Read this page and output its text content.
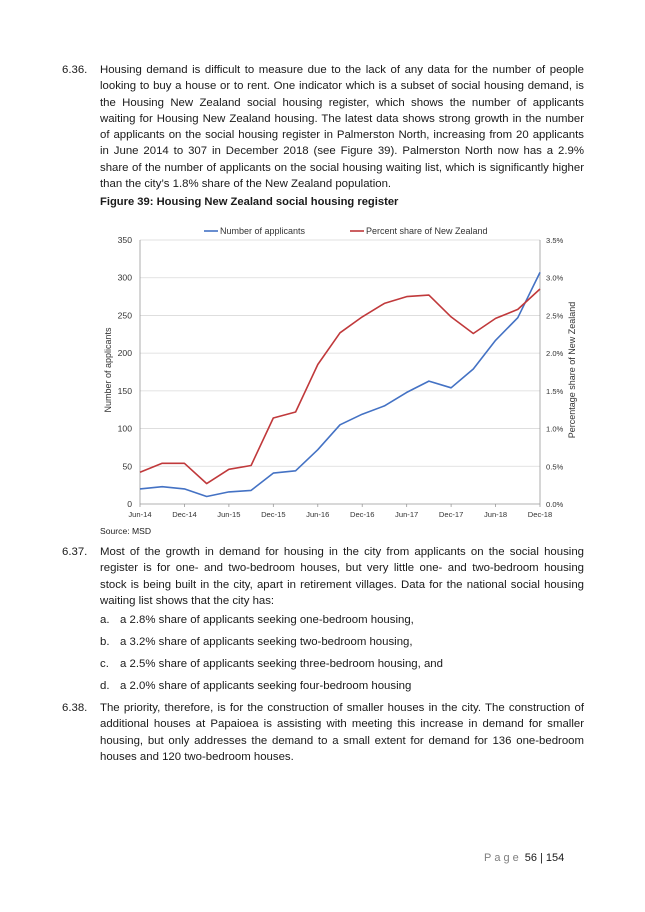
6.36. Housing demand is difficult to measure due to the lack of any data for the number of people looking to buy a house or to rent. One indicator which is a subset of social housing demand, is the Housing New Zealand social housing register, which shows the number of applicants waiting for Housing New Zealand housing. The latest data shows strong growth in the number of applicants on the social housing register in Palmerston North, increasing from 20 applicants in June 2014 to 307 in December 2018 (see Figure 39). Palmerston North now has a 2.9% share of the number of applicants on the social housing waiting list, which is significantly higher than the city’s 1.8% share of the New Zealand population.
Figure 39: Housing New Zealand social housing register
0
50
100
150
200
250
300
350
0.0%
0.5%
1.0%
1.5%
2.0%
2.5%
3.0%
3.5%
Jun-14	Dec-14	Jun-15	Dec-15	Jun-16	Dec-16	Jun-17	Dec-17	Jun-18	Dec-18
Number of applicants	Percent share of New Zealand
Number of applicants	Percentage share of New Zealand
Source: MSD
6.37. Most of the growth in demand for housing in the city from applicants on the social housing register is for one- and two-bedroom houses, but very little one- and two-bedroom housing stock is being built in the city, apart in retirement villages. Data for the national social housing waiting list shows that the city has:
a. a 2.8% share of applicants seeking one-bedroom housing,
b. a 3.2% share of applicants seeking two-bedroom housing,
c. a 2.5% share of applicants seeking three-bedroom housing, and
d. a 2.0% share of applicants seeking four-bedroom housing
6.38. The priority, therefore, is for the construction of smaller houses in the city. The construction of additional houses at Papaioea is assisting with meeting this increase in demand for smaller housing, but only addresses the demand to a small extent for demand for 136 one-bedroom houses and 120 two-bedroom houses.
Page 56 | 154
